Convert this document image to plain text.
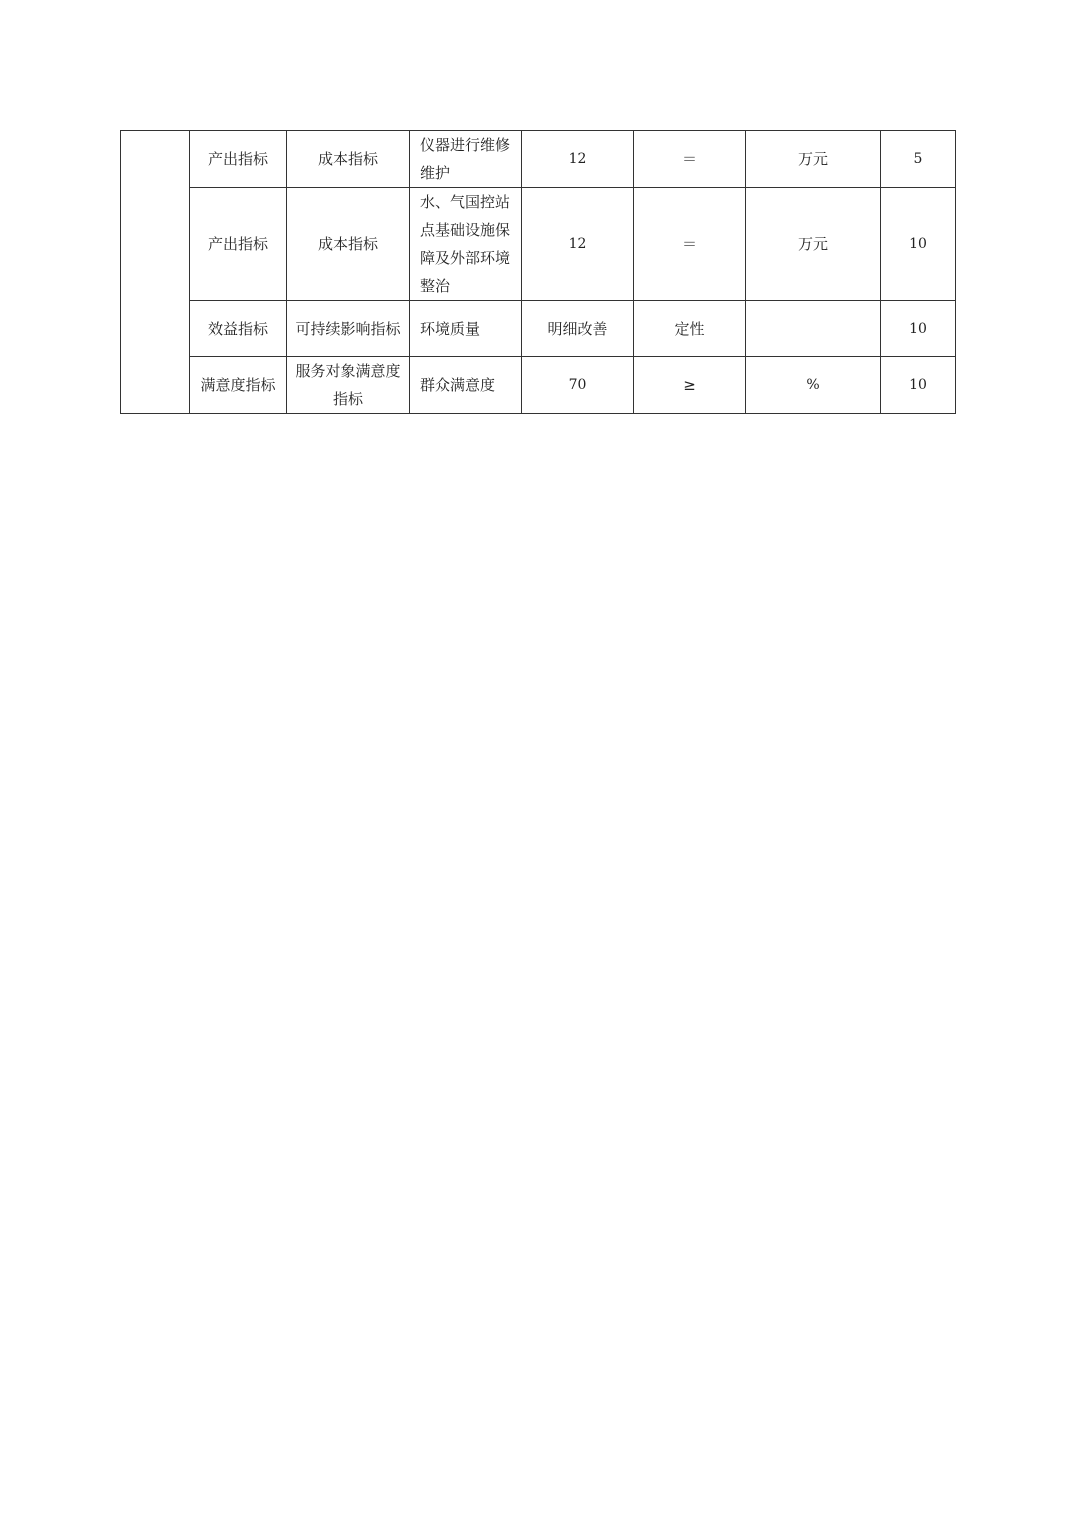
	产出指标	成本指标	仪器进行维修维护	12	＝	万元	5
	产出指标	成本指标	水、气国控站点基础设施保障及外部环境整治	12	＝	万元	10
	效益指标	可持续影响指标	环境质量	明细改善	定性		10
	满意度指标	服务对象满意度指标	群众满意度	70	≥	%	10
